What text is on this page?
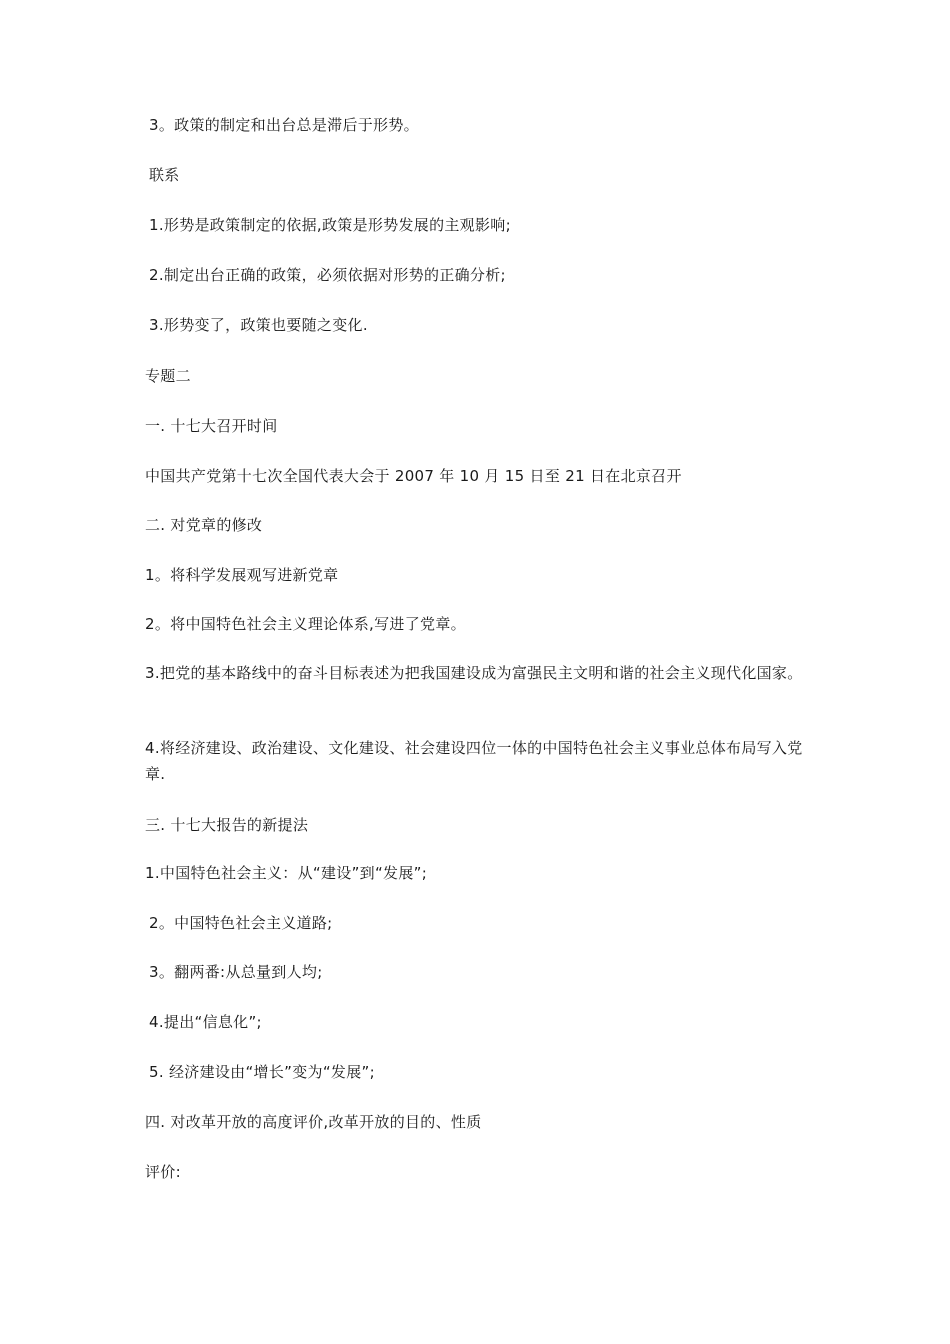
3。政策的制定和出台总是滞后于形势。

联系

1.形势是政策制定的依据,政策是形势发展的主观影响;

2.制定出台正确的政策，必须依据对形势的正确分析;

3.形势变了，政策也要随之变化.

专题二

一. 十七大召开时间

中国共产党第十七次全国代表大会于 2007 年 10 月 15 日至 21 日在北京召开

二. 对党章的修改

1。将科学发展观写进新党章

2。将中国特色社会主义理论体系,写进了党章。

3.把党的基本路线中的奋斗目标表述为把我国建设成为富强民主文明和谐的社会主义现代化国家。

4.将经济建设、政治建设、文化建设、社会建设四位一体的中国特色社会主义事业总体布局写入党章.

三. 十七大报告的新提法

1.中国特色社会主义：从“建设”到“发展”;

2。中国特色社会主义道路;

3。翻两番:从总量到人均;

4.提出“信息化”;

5. 经济建设由“增长”变为“发展”;

四. 对改革开放的高度评价,改革开放的目的、性质

评价:
